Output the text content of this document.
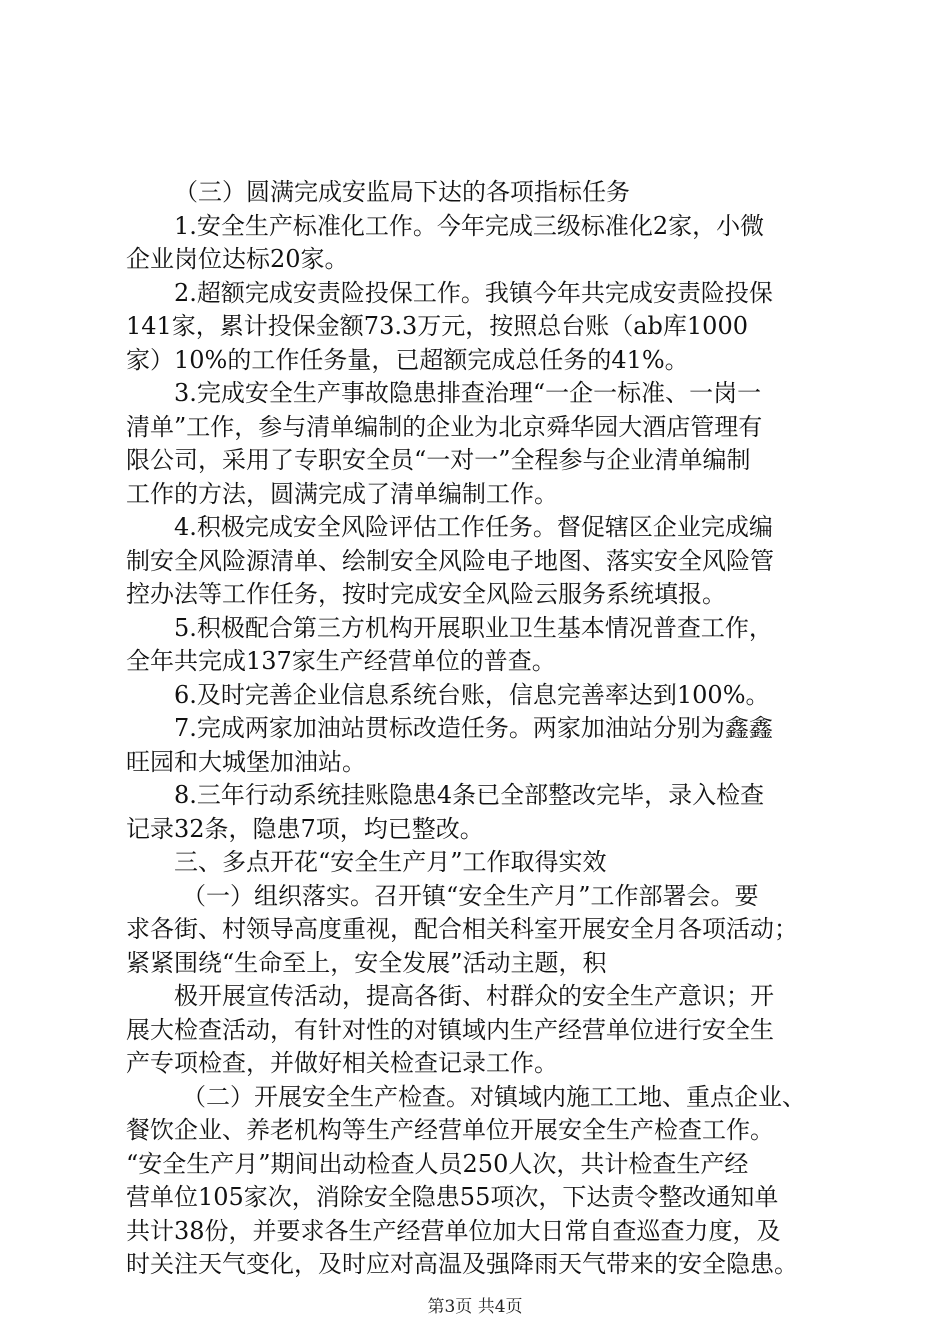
（三）圆满完成安监局下达的各项指标任务
1.安全生产标准化工作。今年完成三级标准化2家，小微
企业岗位达标20家。
2.超额完成安责险投保工作。我镇今年共完成安责险投保
141家，累计投保金额73.3万元，按照总台账（ab库1000
家）10%的工作任务量，已超额完成总任务的41%。
3.完成安全生产事故隐患排查治理“一企一标准、一岗一
清单”工作，参与清单编制的企业为北京舜华园大酒店管理有
限公司，采用了专职安全员“一对一”全程参与企业清单编制
工作的方法，圆满完成了清单编制工作。
4.积极完成安全风险评估工作任务。督促辖区企业完成编
制安全风险源清单、绘制安全风险电子地图、落实安全风险管
控办法等工作任务，按时完成安全风险云服务系统填报。
5.积极配合第三方机构开展职业卫生基本情况普查工作，
全年共完成137家生产经营单位的普查。
6.及时完善企业信息系统台账，信息完善率达到100%。
7.完成两家加油站贯标改造任务。两家加油站分别为鑫鑫
旺园和大城堡加油站。
8.三年行动系统挂账隐患4条已全部整改完毕，录入检查
记录32条，隐患7项，均已整改。
三、多点开花“安全生产月”工作取得实效
（一）组织落实。召开镇“安全生产月”工作部署会。要
求各街、村领导高度重视，配合相关科室开展安全月各项活动；
紧紧围绕“生命至上，安全发展”活动主题，积
极开展宣传活动，提高各街、村群众的安全生产意识；开
展大检查活动，有针对性的对镇域内生产经营单位进行安全生
产专项检查，并做好相关检查记录工作。
（二）开展安全生产检查。对镇域内施工工地、重点企业、
餐饮企业、养老机构等生产经营单位开展安全生产检查工作。
“安全生产月”期间出动检查人员250人次，共计检查生产经
营单位105家次，消除安全隐患55项次，下达责令整改通知单
共计38份，并要求各生产经营单位加大日常自查巡查力度，及
时关注天气变化，及时应对高温及强降雨天气带来的安全隐患。
第3页 共4页
